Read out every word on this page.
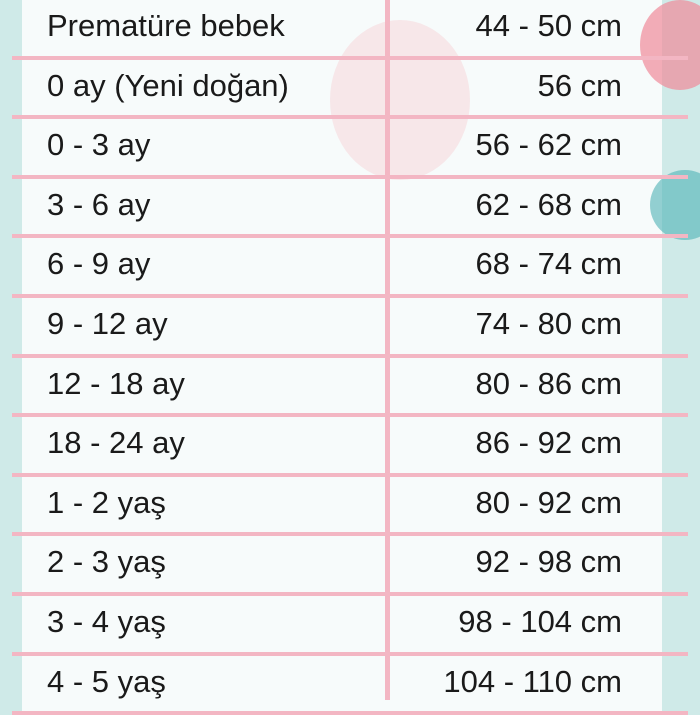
Prematüre bebek	44 - 50 cm
0 ay (Yeni doğan)	56 cm
0 - 3 ay	56 - 62 cm
3 - 6 ay	62 - 68 cm
6 - 9 ay	68 - 74 cm
9 - 12 ay	74 - 80 cm
12 - 18 ay	80 - 86 cm
18 - 24 ay	86 - 92 cm
1 - 2 yaş	80 - 92 cm
2 - 3 yaş	92 - 98 cm
3 - 4 yaş	98 - 104 cm
4 - 5 yaş	104 - 110 cm
